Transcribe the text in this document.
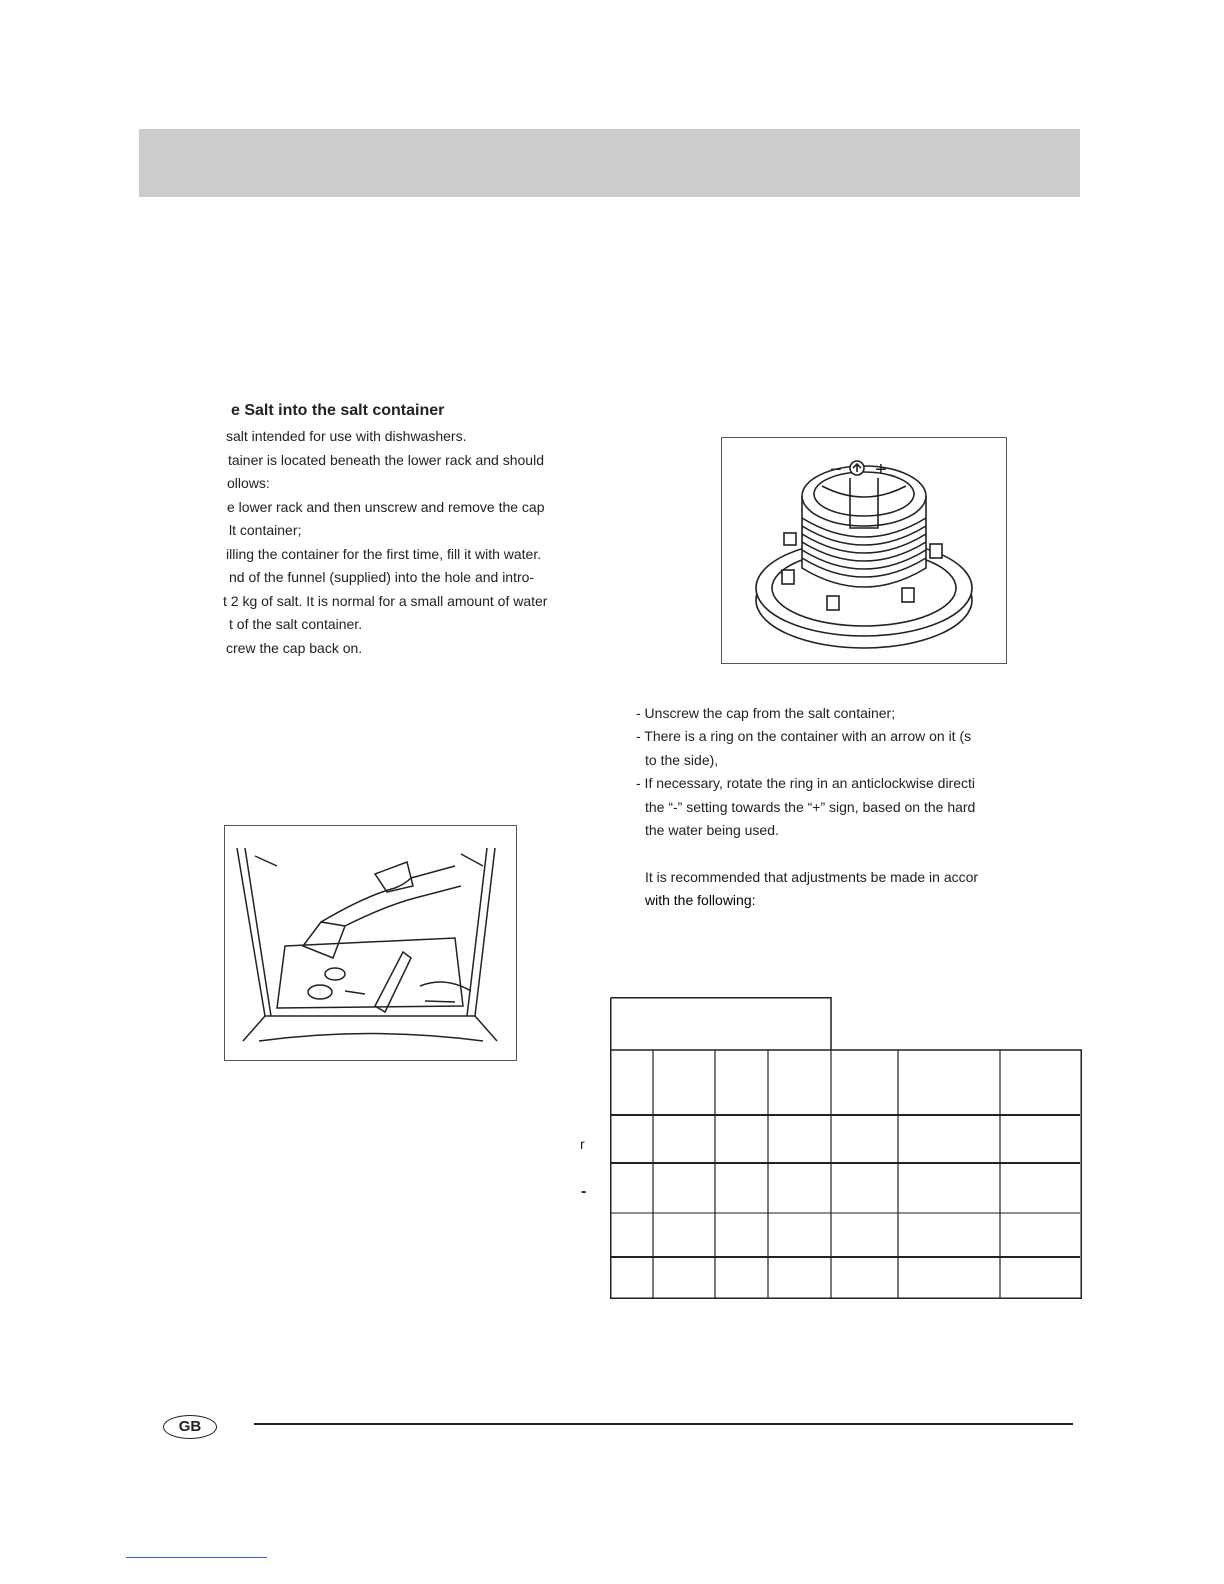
e Salt into the salt container
salt intended for use with dishwashers.
tainer is located beneath the lower rack and should
ollows:
e lower rack and then unscrew and remove the cap
lt container;
illing the container for the first time, fill it with water.
nd of the funnel (supplied) into the hole and intro-
t 2 kg of salt. It is normal for a small amount of water
t of the salt container.
crew the cap back on.
− +
- Unscrew the cap from the salt container;
- There is a ring on the container with an arrow on it (s
to the side),
- If necessary, rotate the ring in an anticlockwise directi
the “-” setting towards the “+” sign, based on the hard
the water being used.
It is recommended that adjustments be made in accor
with the following:
r
-
GB
